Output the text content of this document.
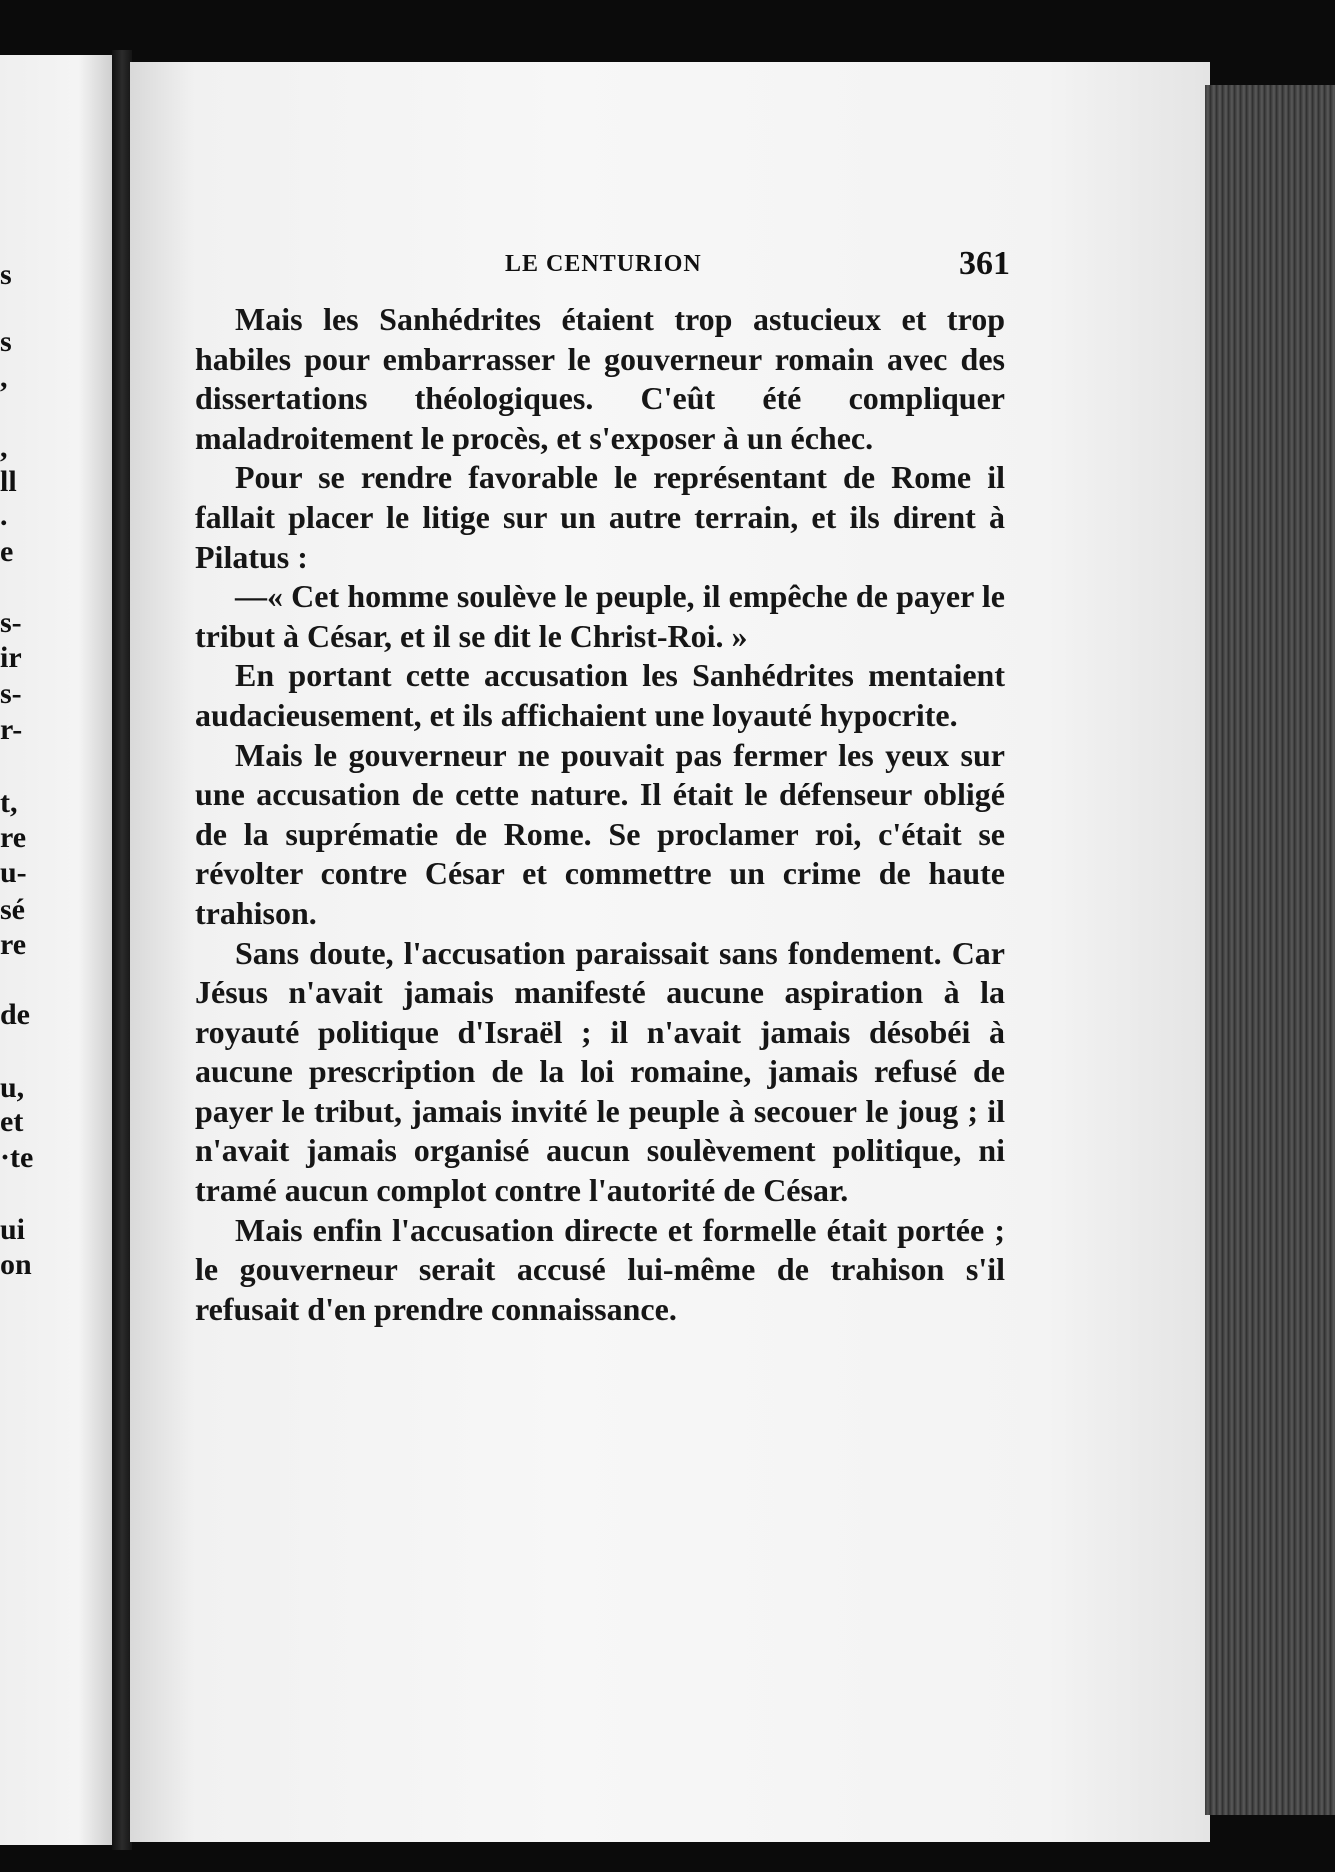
s
s
,
,
ll
.
e
s-
ir
s-
r-
t,
re
u-
sé
re
de
u,
et
·te
ui
on
LE CENTURION	361

Mais les Sanhédrites étaient trop astucieux et trop habiles pour embarrasser le gouverneur romain avec des dissertations théologiques. C'eût été compliquer maladroitement le procès, et s'exposer à un échec.

Pour se rendre favorable le représentant de Rome il fallait placer le litige sur un autre terrain, et ils dirent à Pilatus :

—« Cet homme soulève le peuple, il empêche de payer le tribut à César, et il se dit le Christ-Roi. »

En portant cette accusation les Sanhédrites mentaient audacieusement, et ils affichaient une loyauté hypocrite.

Mais le gouverneur ne pouvait pas fermer les yeux sur une accusation de cette nature. Il était le défenseur obligé de la suprématie de Rome. Se proclamer roi, c'était se révolter contre César et commettre un crime de haute trahison.

Sans doute, l'accusation paraissait sans fondement. Car Jésus n'avait jamais manifesté aucune aspiration à la royauté politique d'Israël ; il n'avait jamais désobéi à aucune prescription de la loi romaine, jamais refusé de payer le tribut, jamais invité le peuple à secouer le joug ; il n'avait jamais organisé aucun soulèvement politique, ni tramé aucun complot contre l'autorité de César.

Mais enfin l'accusation directe et formelle était portée ; le gouverneur serait accusé lui-même de trahison s'il refusait d'en prendre connaissance.
